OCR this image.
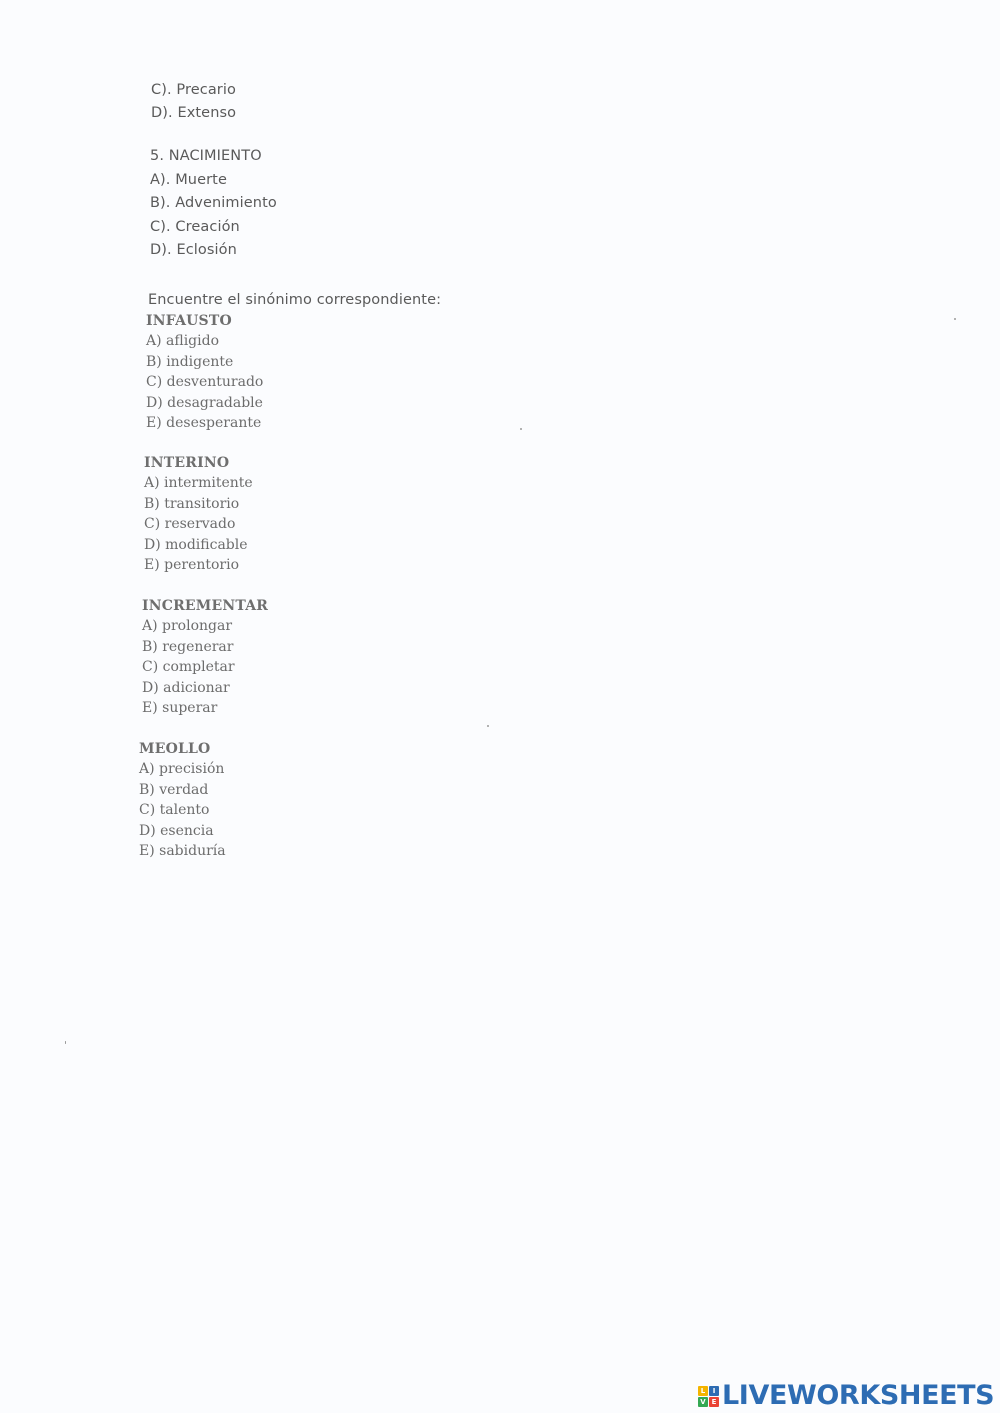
C). Precario
D). Extenso
5. NACIMIENTO
A). Muerte
B). Advenimiento
C). Creación
D). Eclosión
Encuentre el sinónimo correspondiente:
INFAUSTO
A) afligido
B) indigente
C) desventurado
D) desagradable
E) desesperante
INTERINO
A) intermitente
B) transitorio
C) reservado
D) modificable
E) perentorio
INCREMENTAR
A) prolongar
B) regenerar
C) completar
D) adicionar
E) superar
MEOLLO
A) precisión
B) verdad
C) talento
D) esencia
E) sabiduría
L	I
V E LIVEWORKSHEETS
